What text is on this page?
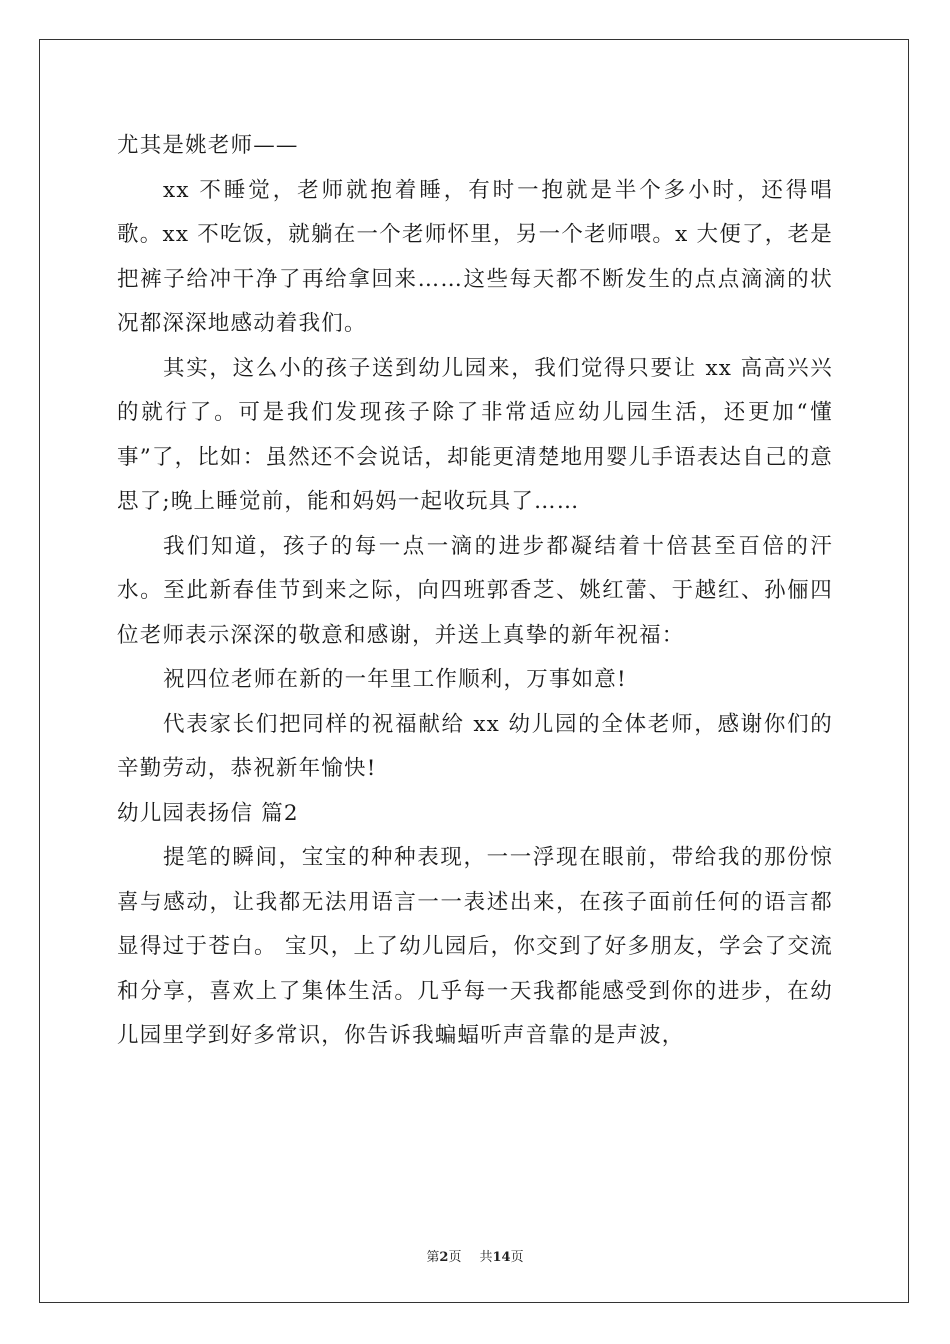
尤其是姚老师——

xx 不睡觉，老师就抱着睡，有时一抱就是半个多小时，还得唱歌。xx 不吃饭，就躺在一个老师怀里，另一个老师喂。x 大便了，老是把裤子给冲干净了再给拿回来……这些每天都不断发生的点点滴滴的状况都深深地感动着我们。

其实，这么小的孩子送到幼儿园来，我们觉得只要让 xx 高高兴兴的就行了。可是我们发现孩子除了非常适应幼儿园生活，还更加“懂事”了，比如：虽然还不会说话，却能更清楚地用婴儿手语表达自己的意思了;晚上睡觉前，能和妈妈一起收玩具了……

我们知道，孩子的每一点一滴的进步都凝结着十倍甚至百倍的汗水。至此新春佳节到来之际，向四班郭香芝、姚红蕾、于越红、孙俪四位老师表示深深的敬意和感谢，并送上真挚的新年祝福：

祝四位老师在新的一年里工作顺利，万事如意!

代表家长们把同样的祝福献给 xx 幼儿园的全体老师，感谢你们的辛勤劳动，恭祝新年愉快!

幼儿园表扬信 篇2

提笔的瞬间，宝宝的种种表现，一一浮现在眼前，带给我的那份惊喜与感动，让我都无法用语言一一表述出来，在孩子面前任何的语言都显得过于苍白。 宝贝，上了幼儿园后，你交到了好多朋友，学会了交流和分享，喜欢上了集体生活。几乎每一天我都能感受到你的进步，在幼儿园里学到好多常识，你告诉我蝙蝠听声音靠的是声波，

第2页 共14页
